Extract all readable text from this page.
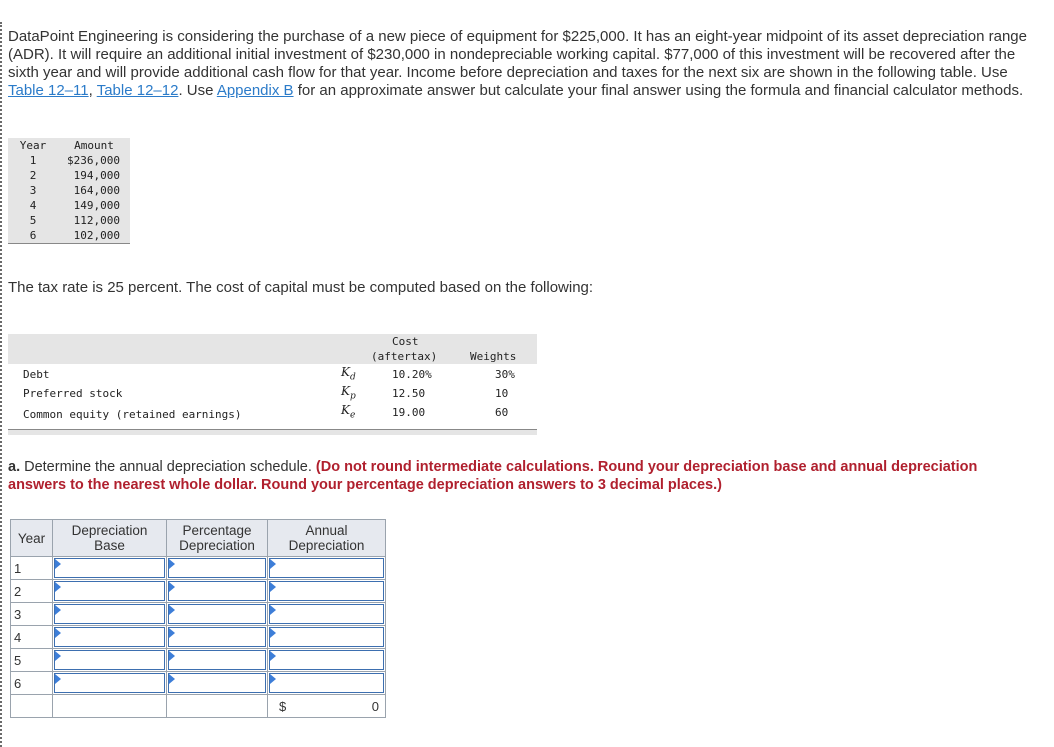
DataPoint Engineering is considering the purchase of a new piece of equipment for $225,000. It has an eight-year midpoint of its asset depreciation range (ADR). It will require an additional initial investment of $230,000 in nondepreciable working capital. $77,000 of this investment will be recovered after the sixth year and will provide additional cash flow for that year. Income before depreciation and taxes for the next six are shown in the following table. Use Table 12–11, Table 12–12. Use Appendix B for an approximate answer but calculate your final answer using the formula and financial calculator methods.

Year	Amount
1	$236,000
2	194,000
3	164,000
4	149,000
5	112,000
6	102,000

The tax rate is 25 percent. The cost of capital must be computed based on the following:

Cost
(aftertax)	Weights
Debt	$K_d$	10.20%	30%
Preferred stock	$K_p$	12.50	10
Common equity (retained earnings)	$K_e$	19.00	60

a. Determine the annual depreciation schedule. (Do not round intermediate calculations. Round your depreciation base and annual depreciation answers to the nearest whole dollar. Round your percentage depreciation answers to 3 decimal places.)

Year	Depreciation Base	Percentage Depreciation	Annual Depreciation
1	

2	

3	

4	

5	

6	

			$ 0
